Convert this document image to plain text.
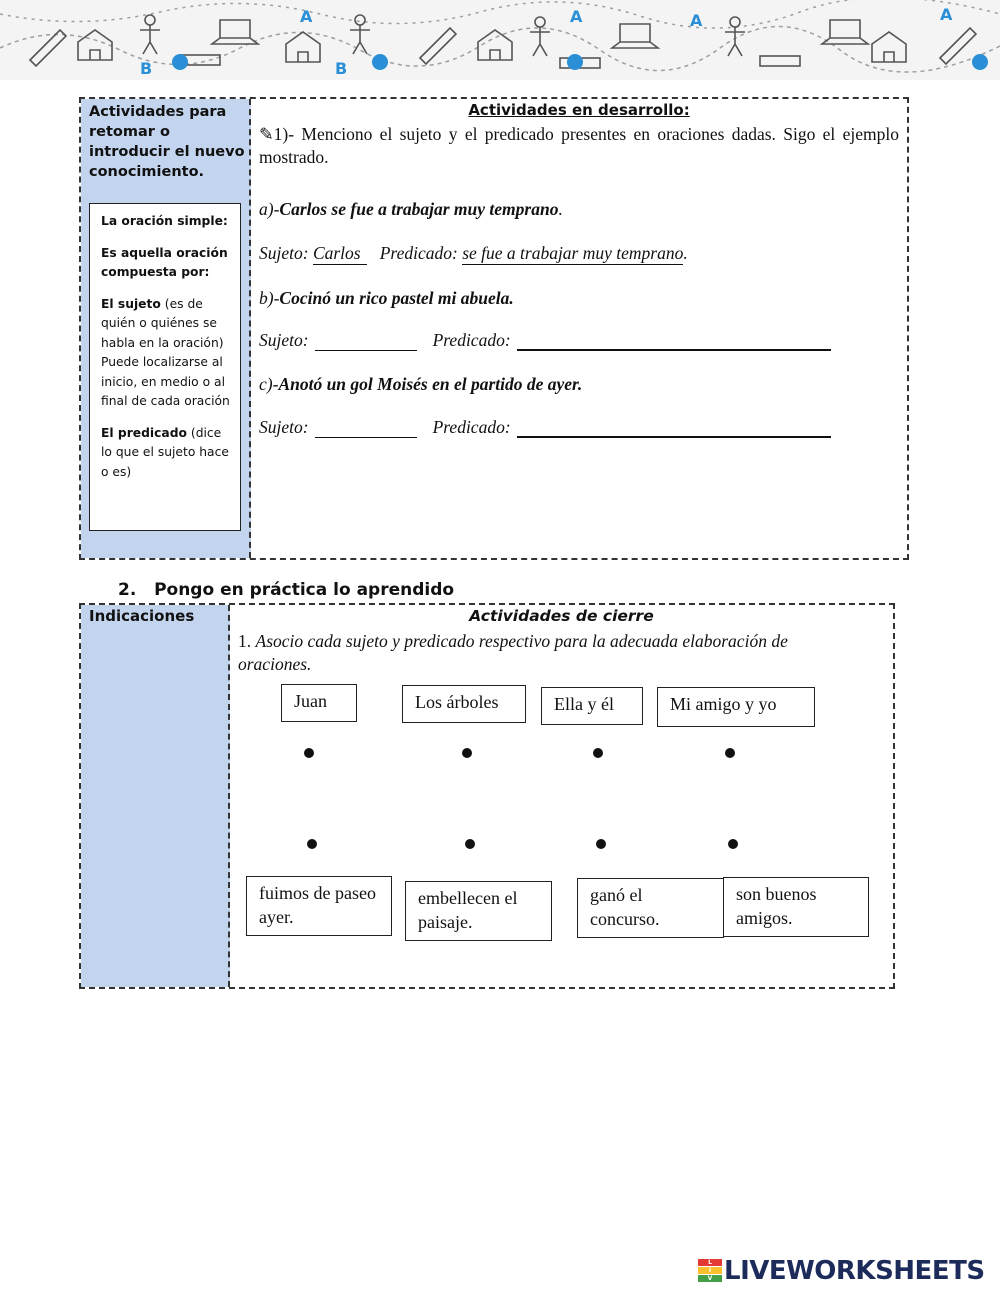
A	A
B
A
B
A
Actividades para retomar o introducir el nuevo conocimiento.

La oración simple:

Es aquella oración compuesta por:

El sujeto (es de quién o quiénes se habla en la oración) Puede localizarse al inicio, en medio o al final de cada oración

El predicado (dice lo que el sujeto hace o es)

Actividades en desarrollo:
✎1)- Menciono el sujeto y el predicado presentes en oraciones dadas. Sigo el ejemplo mostrado.
a)-Carlos se fue a trabajar muy temprano.
Sujeto: Carlos Predicado: se fue a trabajar muy temprano.
b)-Cocinó un rico pastel mi abuela.
Sujeto:	Predicado:
c)-Anotó un gol Moisés en el partido de ayer.
Sujeto:	Predicado:
2. Pongo en práctica lo aprendido
Indicaciones	Actividades de cierre
1. Asocio cada sujeto y predicado respectivo para la adecuada elaboración de oraciones.
Juan	Los árboles	Ella y él	Mi amigo y yo
fuimos de paseo ayer.
embellecen el paisaje.
ganó el concurso.
son buenos amigos.
L
I
V LIVEWORKSHEETS
